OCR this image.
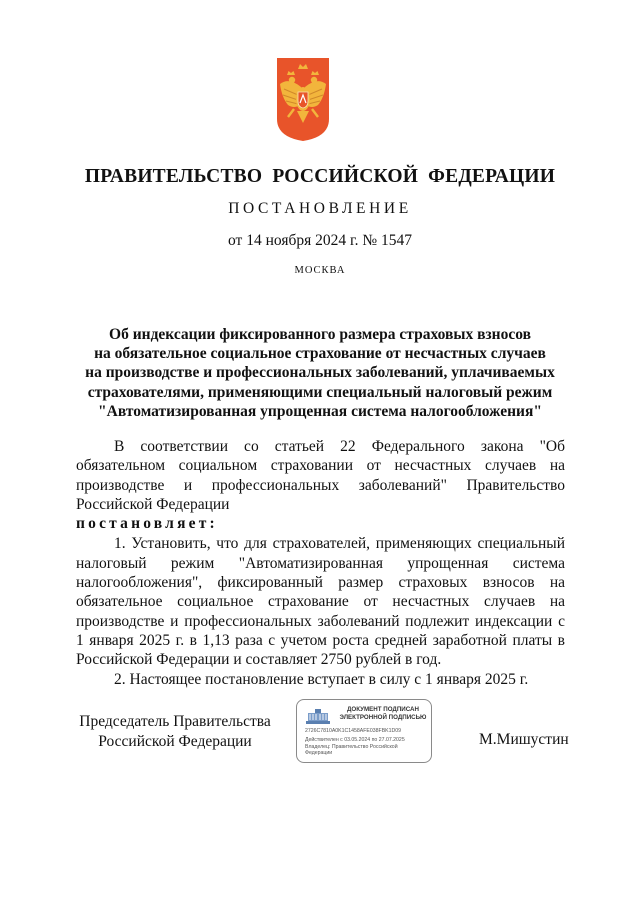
ПРАВИТЕЛЬСТВО РОССИЙСКОЙ ФЕДЕРАЦИИ
ПОСТАНОВЛЕНИЕ
от 14 ноября 2024 г. № 1547
МОСКВА
Об индексации фиксированного размера страховых взносов
на обязательное социальное страхование от несчастных случаев
на производстве и профессиональных заболеваний, уплачиваемых
страхователями, применяющими специальный налоговый режим
"Автоматизированная упрощенная система налогообложения"
В соответствии со статьей 22 Федерального закона "Об обязательном социальном страховании от несчастных случаев на производстве и профессиональных заболеваний" Правительство Российской Федерации
постановляет:
1. Установить, что для страхователей, применяющих специальный налоговый режим "Автоматизированная упрощенная система налогообложения", фиксированный размер страховых взносов на обязательное социальное страхование от несчастных случаев на производстве и профессиональных заболеваний подлежит индексации с 1 января 2025 г. в 1,13 раза с учетом роста средней заработной платы в Российской Федерации и составляет 2750 рублей в год.
2. Настоящее постановление вступает в силу с 1 января 2025 г.
Председатель Правительства
Российской Федерации
ДОКУМЕНТ ПОДПИСАН
ЭЛЕКТРОННОЙ ПОДПИСЬЮ
2726C7810A0K1C1458AFE038FBK1D09
Действителен с 03.05.2024 по 27.07.2025
Владелец: Правительство Российской
Федерации
М.Мишустин
